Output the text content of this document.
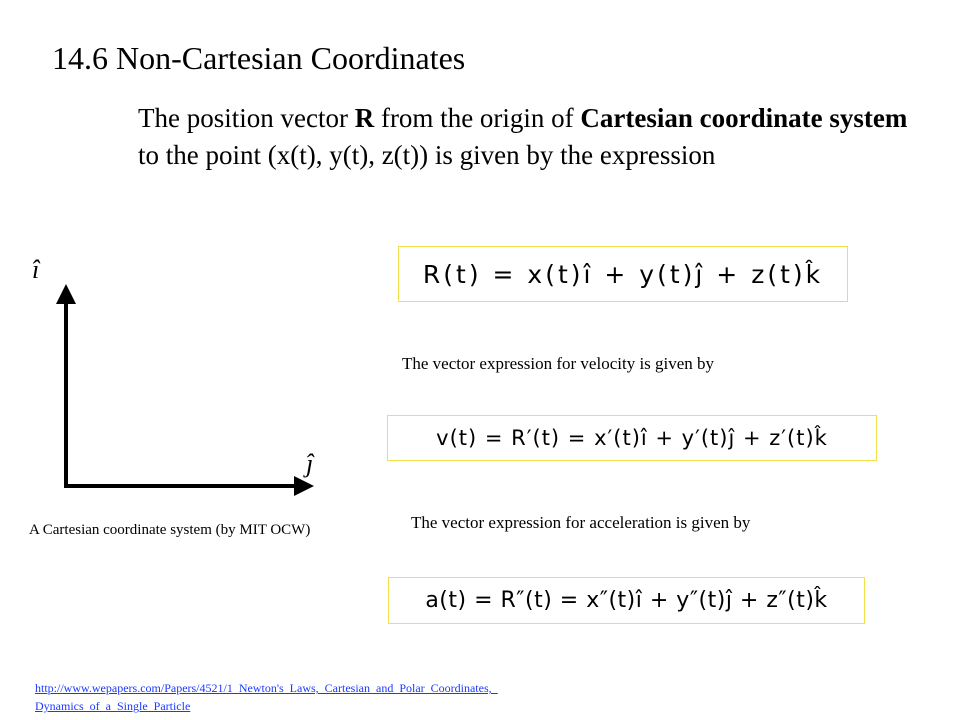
14.6 Non-Cartesian Coordinates
The position vector R from the origin of Cartesian coordinate system to the point (x(t), y(t), z(t)) is given by the expression
î
ĵ
A Cartesian coordinate system (by MIT OCW)
R(t) = x(t)î + y(t)ĵ + z(t)k̂
The vector expression for velocity is given by
v(t) = R′(t) = x′(t)î + y′(t)ĵ + z′(t)k̂
The vector expression for acceleration is given by
a(t) = R″(t) = x″(t)î + y″(t)ĵ + z″(t)k̂
http://www.wepapers.com/Papers/4521/1_Newton's_Laws,_Cartesian_and_Polar_Coordinates,_Dynamics_of_a_Single_Particle
